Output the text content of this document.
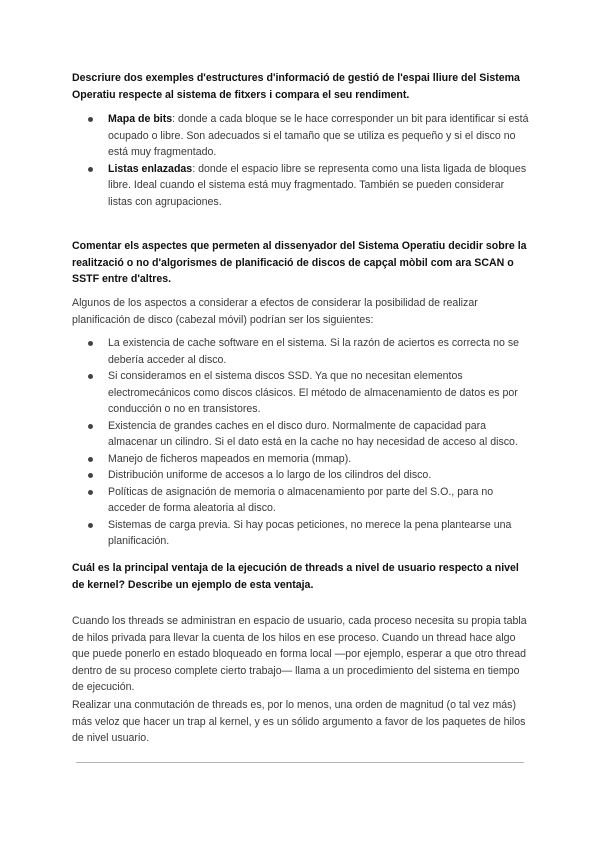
Descriure dos exemples d'estructures d'informació de gestió de l'espai lliure del Sistema Operatiu respecte al sistema de fitxers i compara el seu rendiment.

Mapa de bits: donde a cada bloque se le hace corresponder un bit para identificar si está ocupado o libre. Son adecuados si el tamaño que se utiliza es pequeño y si el disco no está muy fragmentado.
Listas enlazadas: donde el espacio libre se representa como una lista ligada de bloques libre. Ideal cuando el sistema está muy fragmentado. También se pueden considerar listas con agrupaciones.

Comentar els aspectes que permeten al dissenyador del Sistema Operatiu decidir sobre la realització o no d'algorismes de planificació de discos de capçal mòbil com ara SCAN o SSTF entre d'altres.

Algunos de los aspectos a considerar a efectos de considerar la posibilidad de realizar planificación de disco (cabezal móvil) podrían ser los siguientes:

La existencia de cache software en el sistema. Si la razón de aciertos es correcta no se debería acceder al disco.
Si consideramos en el sistema discos SSD. Ya que no necesitan elementos electromecánicos como discos clásicos. El método de almacenamiento de datos es por conducción o no en transistores.
Existencia de grandes caches en el disco duro. Normalmente de capacidad para almacenar un cilindro. Si el dato está en la cache no hay necesidad de acceso al disco.
Manejo de ficheros mapeados en memoria (mmap).
Distribución uniforme de accesos a lo largo de los cilindros del disco.
Políticas de asignación de memoria o almacenamiento por parte del S.O., para no acceder de forma aleatoria al disco.
Sistemas de carga previa. Si hay pocas peticiones, no merece la pena plantearse una planificación.

Cuál es la principal ventaja de la ejecución de threads a nivel de usuario respecto a nivel de kernel? Describe un ejemplo de esta ventaja.

Cuando los threads se administran en espacio de usuario, cada proceso necesita su propia tabla de hilos privada para llevar la cuenta de los hilos en ese proceso. Cuando un thread hace algo que puede ponerlo en estado bloqueado en forma local —por ejemplo, esperar a que otro thread dentro de su proceso complete cierto trabajo— llama a un procedimiento del sistema en tiempo de ejecución.

Realizar una conmutación de threads es, por lo menos, una orden de magnitud (o tal vez más) más veloz que hacer un trap al kernel, y es un sólido argumento a favor de los paquetes de hilos de nivel usuario.
